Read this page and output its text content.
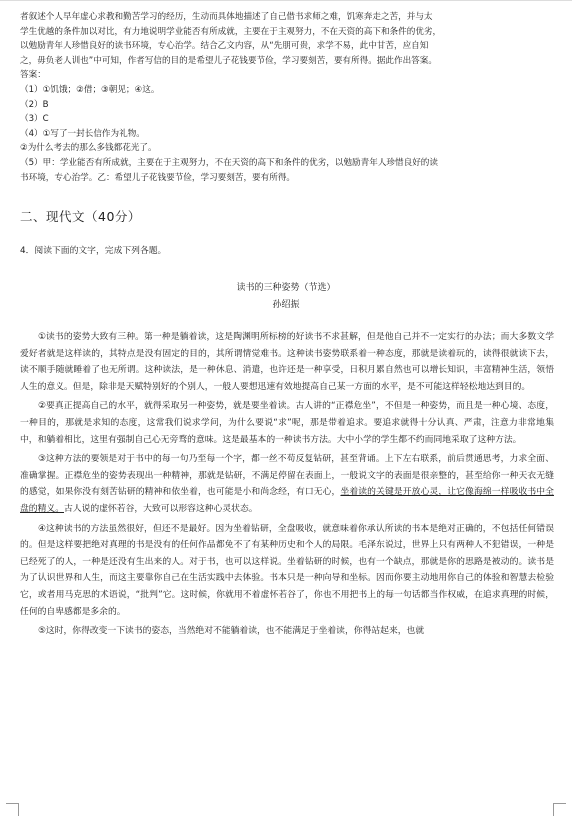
者叙述个人早年虚心求教和勤苦学习的经历，生动而具体地描述了自己借书求师之难，饥寒奔走之苦，并与太

学生优越的条件加以对比，有力地说明学业能否有所成就，主要在于主观努力，不在天资的高下和条件的优劣，

以勉励青年人珍惜良好的读书环境，专心治学。结合乙文内容，从“先朋可贵，求学不易，此中甘苦，应自知

之，毋负老人训也”中可知，作者写信的目的是希望儿子花钱要节俭，学习要刻苦，要有所得。据此作出答案。

答案：

（1）①饥饿；②借；③朝见；④这。

（2）B

（3）C

（4）①写了一封长信作为礼物。

②为什么考去的那么多钱都花光了。

（5）甲：学业能否有所成就，主要在于主观努力，不在天资的高下和条件的优劣，以勉励青年人珍惜良好的读

书环境，专心治学。乙：希望儿子花钱要节俭，学习要刻苦，要有所得。

二、现代文（40分）
4．阅读下面的文字，完成下列各题。
读书的三种姿势（节选）
孙绍振

①读书的姿势大致有三种。第一种是躺着读，这是陶渊明所标榜的好读书不求甚解，但是他自己并不一定实行的办法；而大多数文学爱好者就是这样读的，其特点是没有固定的目的，其所谓情觉难书。这种读书姿势联系着一种态度，那就是读着玩的，读得很就读下去，读不顺手随就睡着了也无所谓。这种读法，是一种休息、消遣，也许还是一种享受，日积月累自然也可以增长知识，丰富精神生活，领悟人生的意义。但是，除非是天赋特别好的个别人，一般人要想迅速有效地提高自己某一方面的水平，是不可能这样轻松地达到目的。

②要真正提高自己的水平，就得采取另一种姿势，就是要坐着读。古人讲的“正襟危坐”，不但是一种姿势，而且是一种心境、态度，一种目的，那就是求知的态度，这常我们说求学问，为什么要说“求”呢，那是带着追求。要追求就得十分认真、严肃，注意力非常地集中，和躺着相比，这里有强制自己心无旁骛的意味。这是最基本的一种读书方法。大中小学的学生都不约而同地采取了这种方法。

③这种方法的要领是对于书中的每一句乃至每一个字，都一丝不苟反复钻研，甚至背诵。上下左右联系，前后贯通思考，力求全面、准确掌握。正襟危坐的姿势表现出一种精神，那就是钻研，不满足停留在表面上，一般说文字的表面是很亲整的，甚至给你一种天衣无缝的感觉，如果你没有刻苦钻研的精神和依坐着，也可能是小和尚念经，有口无心，坐着读的关键是开放心灵，让它像海绵一样吸收书中全盘的精义。古人说的虚怀若谷，大致可以形容这种心灵状态。

④这种读书的方法虽然很好，但还不是最好。因为坐着钻研，全盘吸收，就意味着你承认所读的书本是绝对正确的，不包括任何错误的。但是这样要把绝对真理的书是没有的任何作品都免不了有某种历史和个人的局限。毛泽东说过，世界上只有两种人不犯错误，一种是已经死了的人，一种是还没有生出来的人。对于书，也可以这样说。坐着钻研的时候，也有一个缺点，那就是你的思路是被动的。读书是为了认识世界和人生，而这主要靠你自己在生活实践中去体验。书本只是一种向导和坐标。因而你要主动地用你自己的体验和智慧去检验它，或者用马克思的术语说，“批判”它。这时候，你就用不着虚怀若谷了，你也不用把书上的每一句话都当作权威，在追求真理的时候，任何的自卑感都是多余的。

⑤这时，你得改变一下读书的姿态，当然绝对不能躺着读，也不能满足于坐着读，你得站起来，也就
